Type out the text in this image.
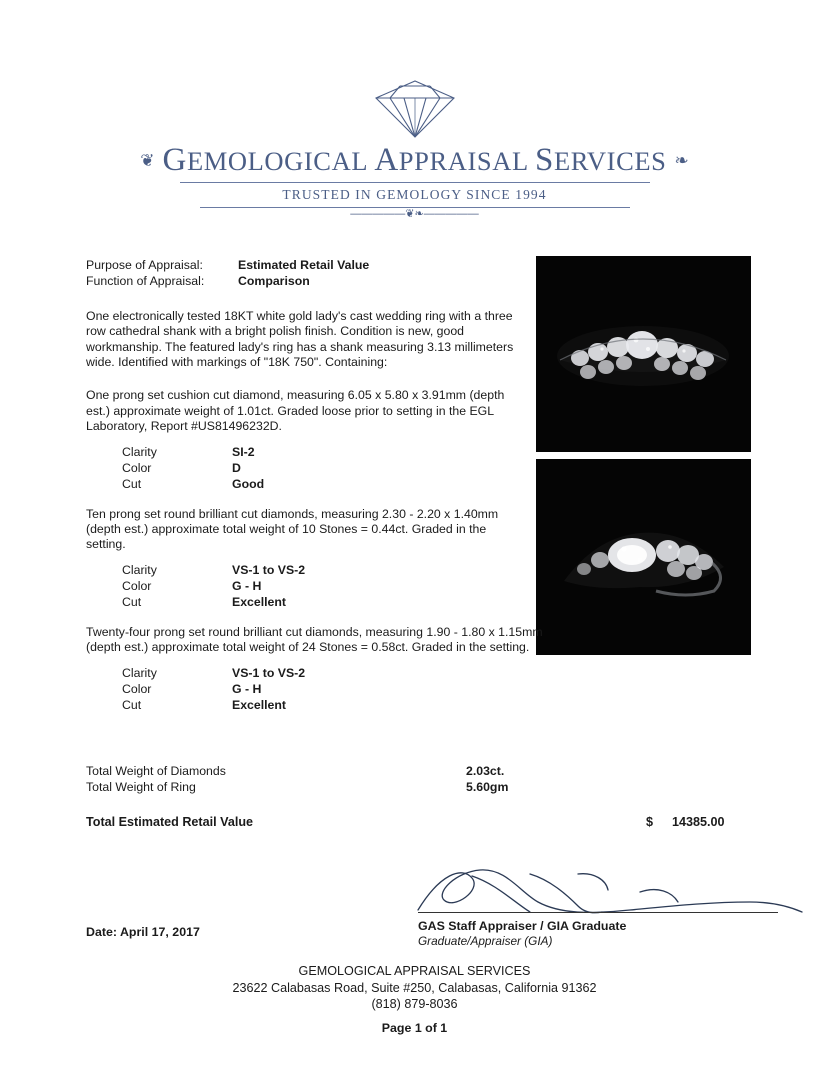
❦ GEMOLOGICAL APPRAISAL SERVICES ❧
TRUSTED IN GEMOLOGY SINCE 1994
—————❦❧—————
Purpose of Appraisal:	Estimated Retail Value
Function of Appraisal:	Comparison

One electronically tested 18KT white gold lady's cast wedding ring with a three row cathedral shank with a bright polish finish. Condition is new, good workmanship. The featured lady's ring has a shank measuring 3.13 millimeters wide. Identified with markings of "18K 750". Containing:

One prong set cushion cut diamond, measuring 6.05 x 5.80 x 3.91mm (depth est.) approximate weight of 1.01ct. Graded loose prior to setting in the EGL Laboratory, Report #US81496232D.

Clarity	SI-2
Color	D
Cut	Good

Ten prong set round brilliant cut diamonds, measuring 2.30 - 2.20 x 1.40mm (depth est.) approximate total weight of 10 Stones = 0.44ct. Graded in the setting.

Clarity	VS-1 to VS-2
Color	G - H
Cut	Excellent

Twenty-four prong set round brilliant cut diamonds, measuring 1.90 - 1.80 x 1.15mm (depth est.) approximate total weight of 24 Stones = 0.58ct. Graded in the setting.

Clarity	VS-1 to VS-2
Color	G - H
Cut	Excellent
Total Weight of Diamonds	2.03ct.
Total Weight of Ring	5.60gm
Total Estimated Retail Value	$	14385.00
GAS Staff Appraiser / GIA Graduate
Graduate/Appraiser (GIA)
Date: April 17, 2017
GEMOLOGICAL APPRAISAL SERVICES
23622 Calabasas Road, Suite #250, Calabasas, California 91362
(818) 879-8036
Page 1 of 1
